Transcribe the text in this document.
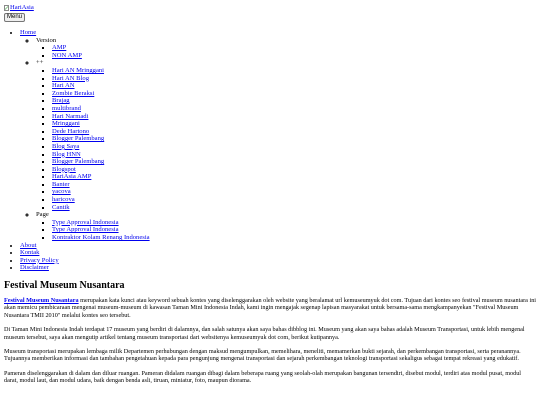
HariAsia
Menu
• Home
◦ Version
▪ AMP
▪ NON AMP
◦ ++
▪ Hari AN Mringgani
▪ Hari AN Blog
▪ Hari AN
▪ Zombie Beraksi
▪ Brajag
▪ multibrand
▪ Hari Narmadi
▪ Mringgani
▪ Dede Hartono
▪ Blogger Palembang
▪ Blog Saya
▪ Blog HNN
▪ Blogger Palembang
▪ Blogspot
▪ HariAsia AMP
▪ Banter
▪ yacova
▪ haricova
▪ Cantik
◦ Page
▪ Type Approval Indonesia
▪ Type Approval Indonesia
▪ Kontraktor Kolam Renang Indonesia
• About
• Kontak
• Privacy Policy
• Disclaimer
Festival Museum Nusantara

Festival Museum Nusantara merupakan kata kunci atau keyword sebuah kontes yang diselenggarakan oleh website yang beralamat url kemuseumyuk dot com. Tujuan dari kontes seo festival museum nusantara ini akan memicu pembicaraan mengenai museum-museum di kawasan Taman Mini Indonesia Indah, kami ingin mengajak segenap lapisan masyarakat untuk bersama-sama mengkampanyekan "Festival Museum Nusantara TMII 2010" melalui kontes seo tersebut.

Di Taman Mini Indonesia Indah terdapat 17 museum yang berdiri di dalamnya, dan salah satunya akan saya bahas dibblog ini. Museum yang akan saya bahas adalah Museum Transportasi, untuk lebih mengenal museum tersebut, saya akan mengutip artikel tentang museum transportasi dari websitenya kemuseumyuk dot com, berikut kutipannya.

Museum transportasi merupakan lembaga milik Departemen perhubungan dengan maksud mengumpulkan, memelihara, meneliti, memamerkan bukti sejarah, dan perkembangan transportasi, serta peranannya. Tujuannya memberikan informasi dan tambahan pengetahuan kepada para pengunjung mengenai transportasi dan sejarah perkembangan teknologi transportasi sekaligus sebagai tempat rekreasi yang edukatif.

Pameran diselenggarakan di dalam dan diluar ruangan. Pameran didalam ruangan dibagi dalam beberapa ruang yang seolah-olah merupakan bangunan tersendiri, disebut modul, terdiri atas modul pusat, modul darat, modul laut, dan modul udara, baik dengan benda asli, tiruan, miniatur, foto, maupun diorama.
